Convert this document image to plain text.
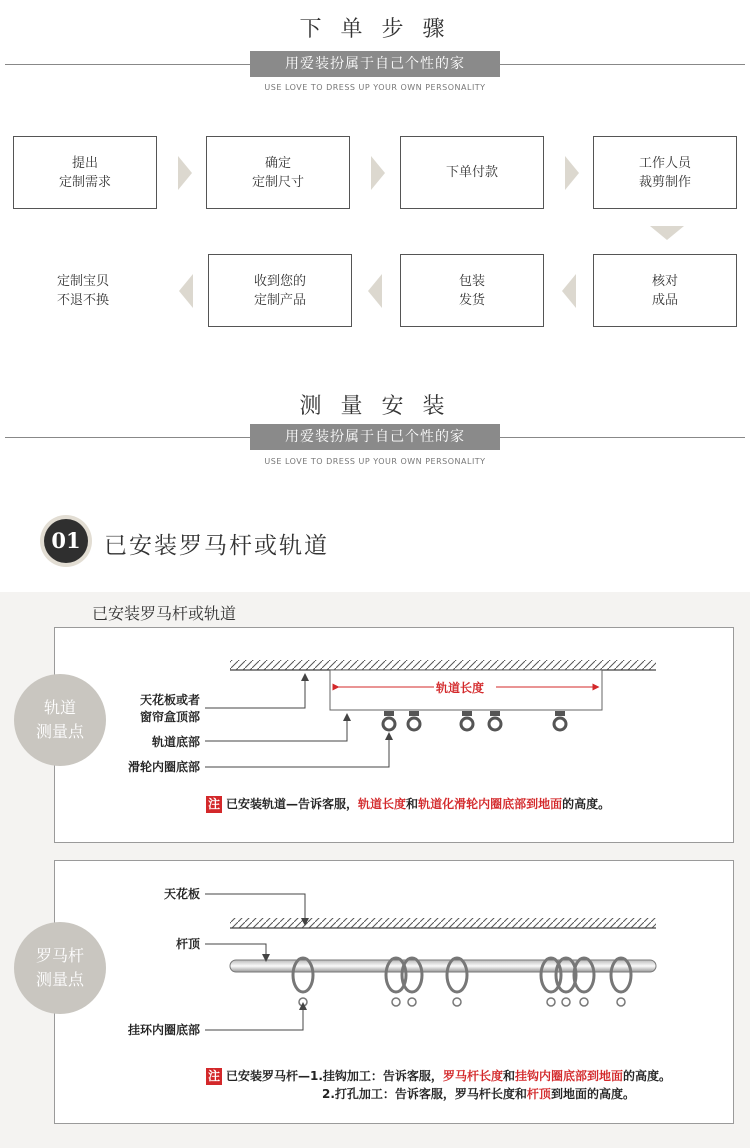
下 单 步 骤
用爱装扮属于自己个性的家
USE LOVE TO DRESS UP YOUR OWN PERSONALITY
提出
定制需求
确定
定制尺寸
下单付款
工作人员
裁剪制作
核对
成品
包装
发货
收到您的
定制产品
定制宝贝
不退不换
测 量 安 装
用爱装扮属于自己个性的家
USE LOVE TO DRESS UP YOUR OWN PERSONALITY
01	已安装罗马杆或轨道
已安装罗马杆或轨道
轨道
测量点
轨道长度
天花板或者
窗帘盒顶部
轨道底部
滑轮内圈底部
注 已安装轨道—告诉客服，轨道长度和轨道化滑轮内圈底部到地面的高度。
罗马杆
测量点
天花板
杆顶
挂环内圈底部
注 已安装罗马杆—1.挂钩加工：告诉客服，罗马杆长度和挂钩内圈底部到地面的高度。
2.打孔加工：告诉客服，罗马杆长度和杆顶到地面的高度。
